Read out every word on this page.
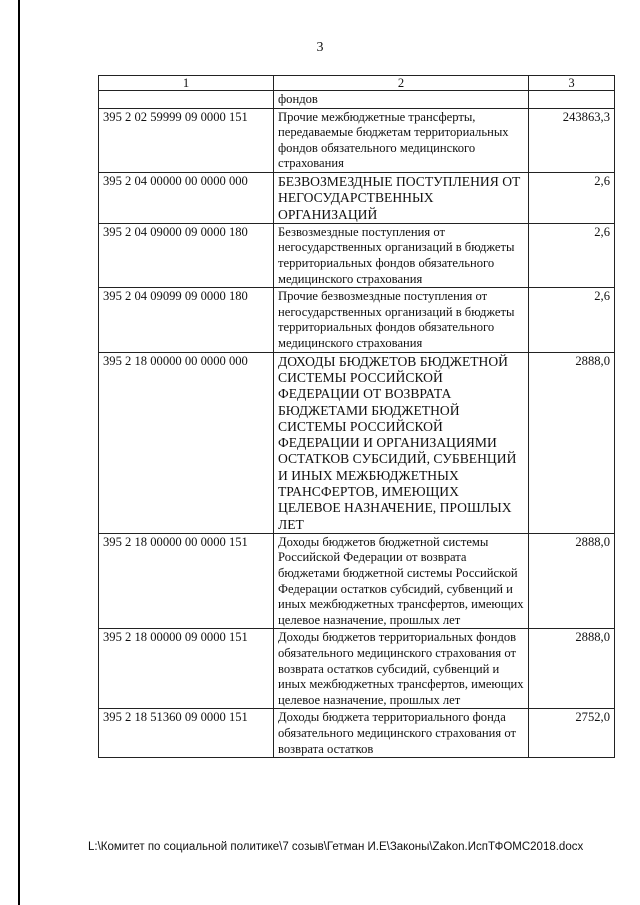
3
1	2	3
	фондов	
395 2 02 59999 09 0000 151	Прочие межбюджетные трансферты, передаваемые бюджетам территориальных фондов обязательного медицинского страхования	243863,3
395 2 04 00000 00 0000 000	БЕЗВОЗМЕЗДНЫЕ ПОСТУПЛЕНИЯ ОТ НЕГОСУДАРСТВЕННЫХ ОРГАНИЗАЦИЙ	2,6
395 2 04 09000 09 0000 180	Безвозмездные поступления от негосударственных организаций в бюджеты территориальных фондов обязательного медицинского страхования	2,6
395 2 04 09099 09 0000 180	Прочие безвозмездные поступления от негосударственных организаций в бюджеты территориальных фондов обязательного медицинского страхования	2,6
395 2 18 00000 00 0000 000	ДОХОДЫ БЮДЖЕТОВ БЮДЖЕТНОЙ СИСТЕМЫ РОССИЙСКОЙ ФЕДЕРАЦИИ ОТ ВОЗВРАТА БЮДЖЕТАМИ БЮДЖЕТНОЙ СИСТЕМЫ РОССИЙСКОЙ ФЕДЕРАЦИИ И ОРГАНИЗАЦИЯМИ ОСТАТКОВ СУБСИДИЙ, СУБВЕНЦИЙ И ИНЫХ МЕЖБЮДЖЕТНЫХ ТРАНСФЕРТОВ, ИМЕЮЩИХ ЦЕЛЕВОЕ НАЗНАЧЕНИЕ, ПРОШЛЫХ ЛЕТ	2888,0
395 2 18 00000 00 0000 151	Доходы бюджетов бюджетной системы Российской Федерации от возврата бюджетами бюджетной системы Российской Федерации остатков субсидий, субвенций и иных межбюджетных трансфертов, имеющих целевое назначение, прошлых лет	2888,0
395 2 18 00000 09 0000 151	Доходы бюджетов территориальных фондов обязательного медицинского страхования от возврата остатков субсидий, субвенций и иных межбюджетных трансфертов, имеющих целевое назначение, прошлых лет	2888,0
395 2 18 51360 09 0000 151	Доходы бюджета территориального фонда обязательного медицинского страхования от возврата остатков	2752,0
L:\Комитет по социальной политике\7 созыв\Гетман И.Е\Законы\Zakon.ИспТФОМС2018.docx
